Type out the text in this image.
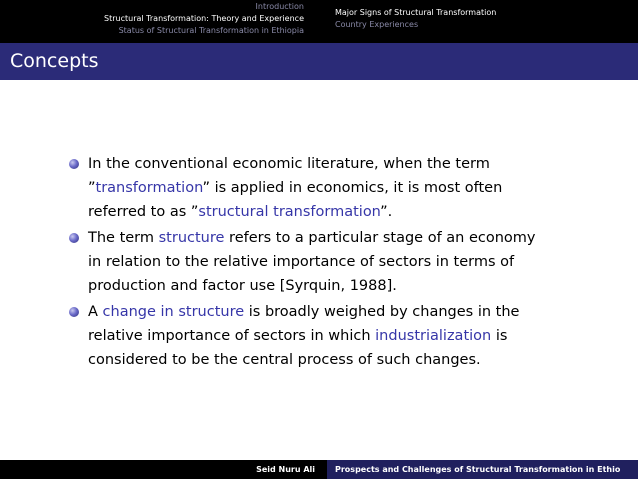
Introduction
Structural Transformation: Theory and Experience
Status of Structural Transformation in Ethiopia
Major Signs of Structural Transformation
Country Experiences
Concepts
In the conventional economic literature, when the term
”transformation” is applied in economics, it is most often
referred to as ”structural transformation”.
The term structure refers to a particular stage of an economy
in relation to the relative importance of sectors in terms of
production and factor use [Syrquin, 1988].
A change in structure is broadly weighed by changes in the
relative importance of sectors in which industrialization is
considered to be the central process of such changes.
Seid Nuru Ali	Prospects and Challenges of Structural Transformation in Ethio
